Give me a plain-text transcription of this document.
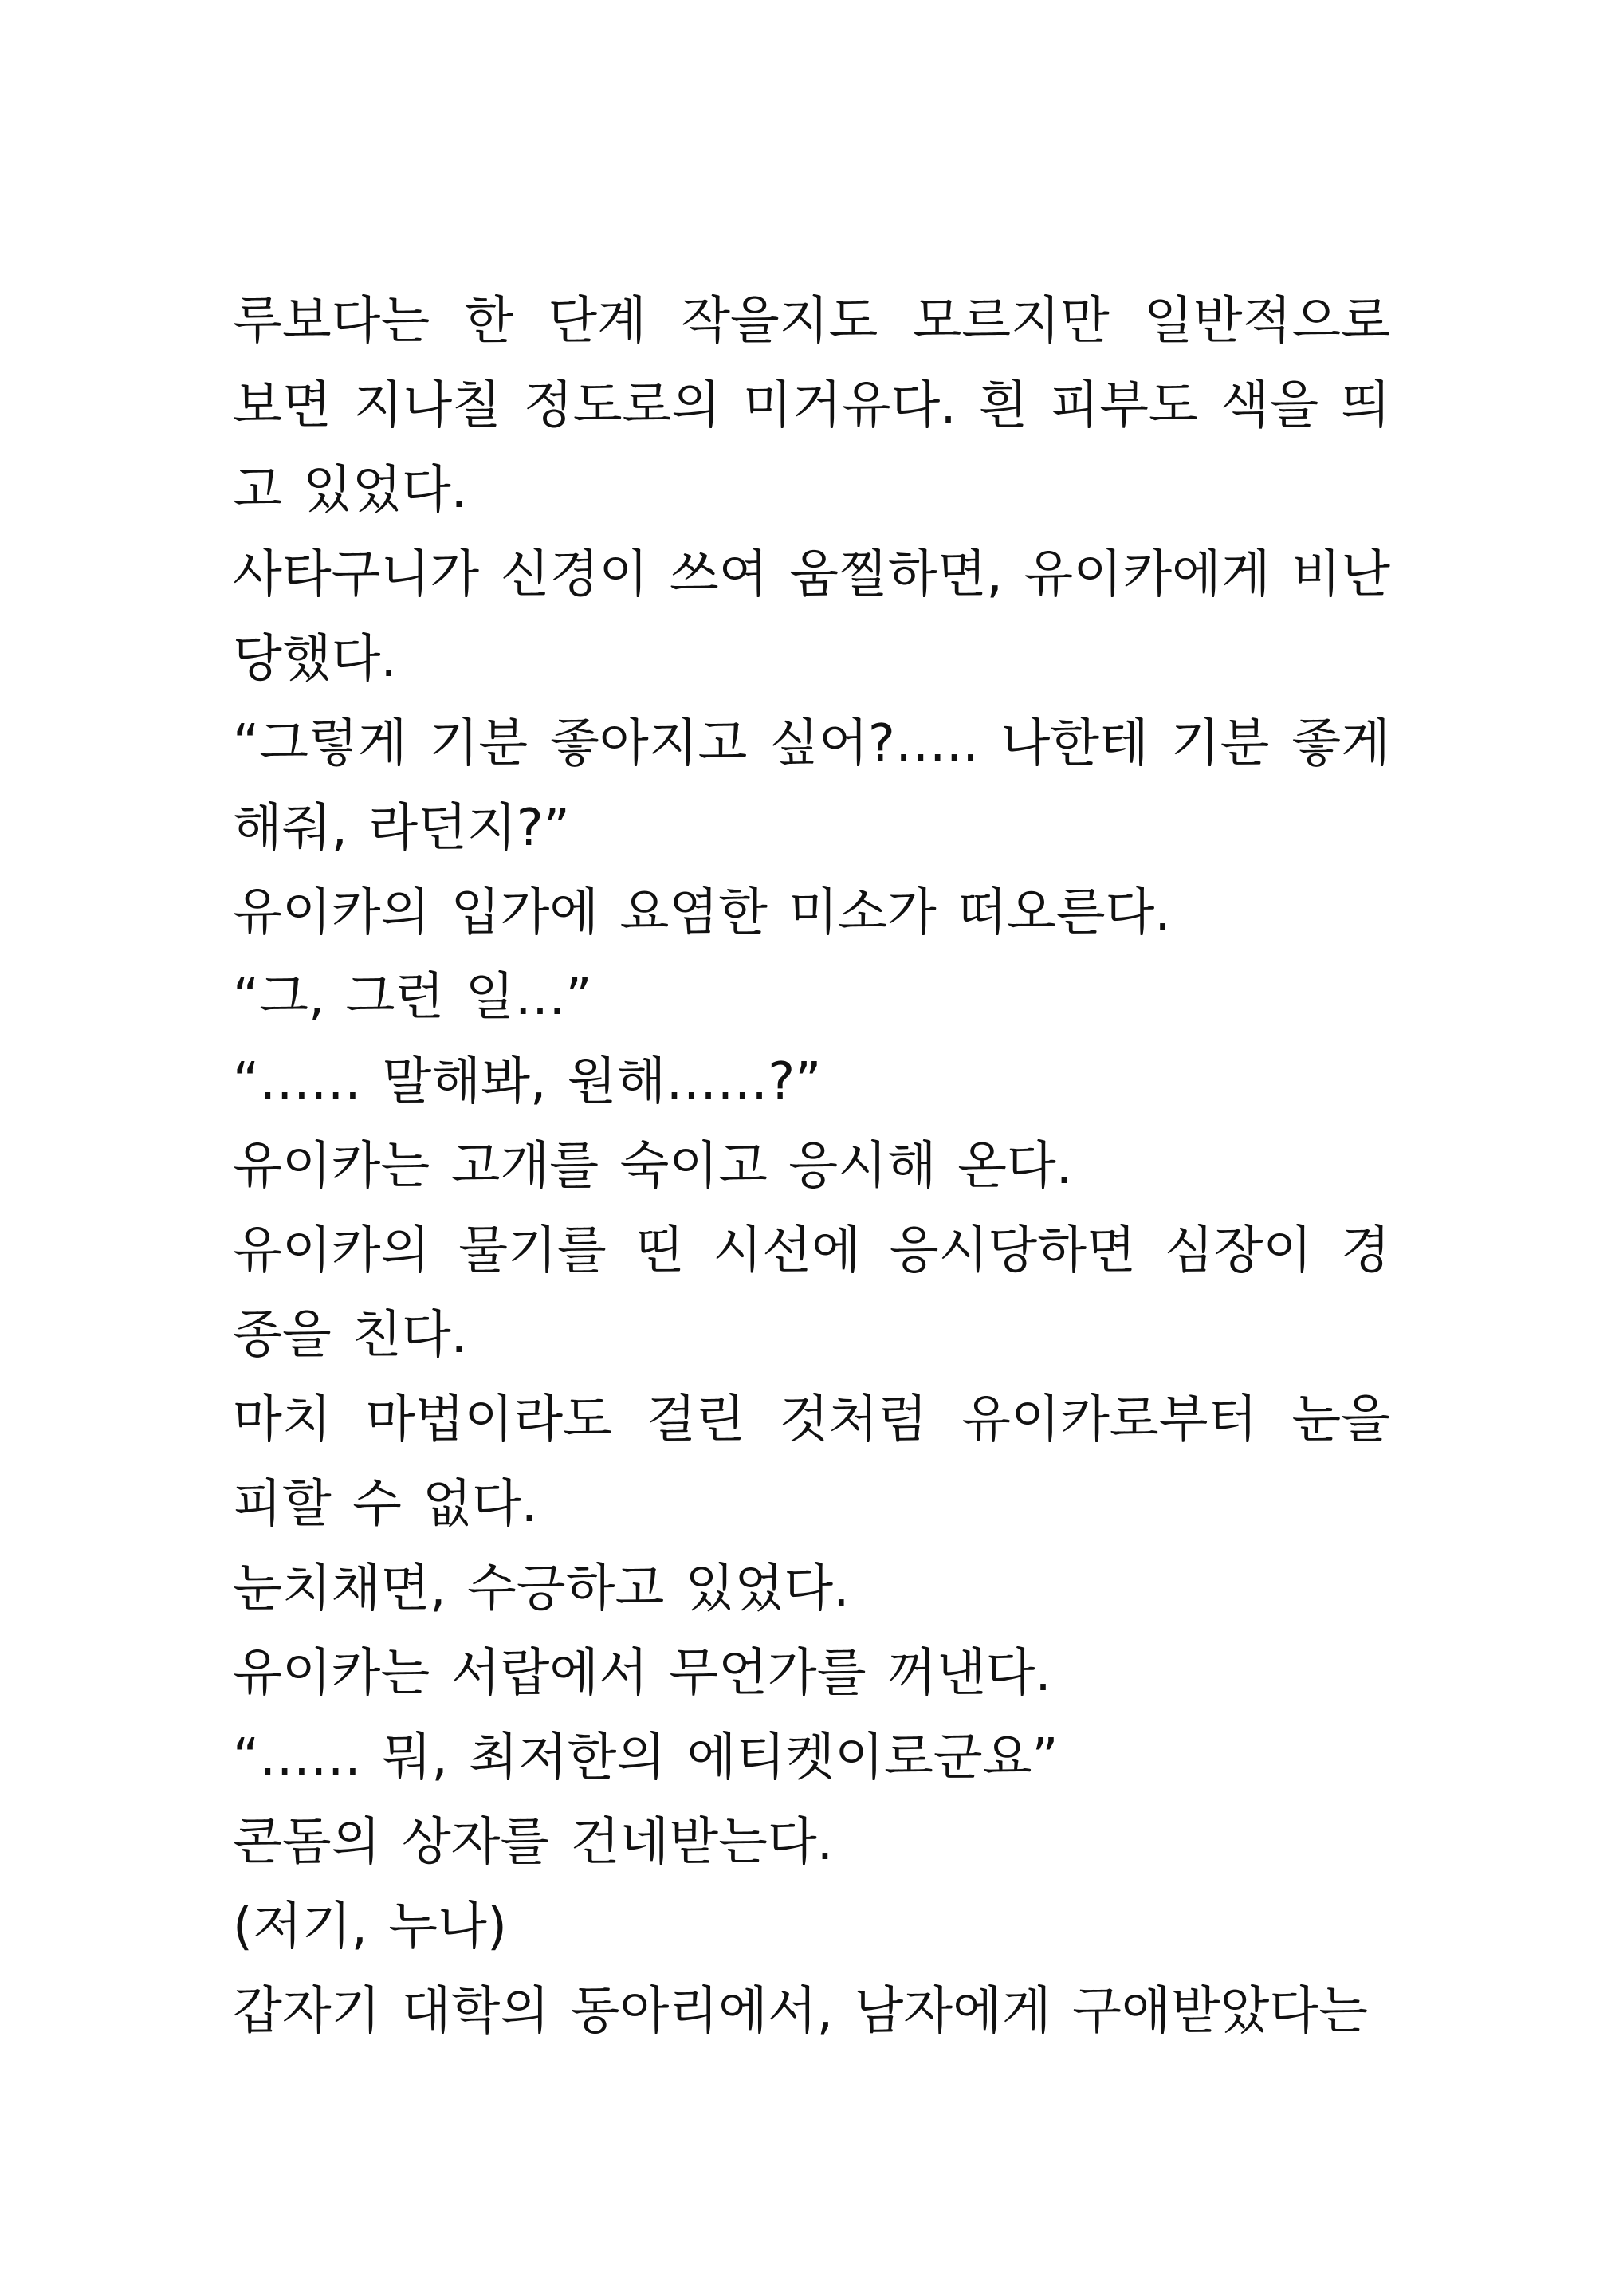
루보다는 한 단계 작을지도 모르지만 일반적으로 보면 지나칠 정도로의 미거유다. 흰 피부도 색을 띄고 있었다.

사타구니가 신경이 쓰여 움찔하면, 유이카에게 비난당했다.

“그렇게 기분 좋아지고 싶어?….. 나한테 기분 좋게 해줘, 라던지?”

유이카의 입가에 요염한 미소가 떠오른다.

“그, 그런 일…”

“…… 말해봐, 원해……?”

유이카는 고개를 숙이고 응시해 온다.

유이카의 물기를 띤 시선에 응시당하면 심장이 경종을 친다.

마치 마법이라도 걸린 것처럼 유이카로부터 눈을 피할 수 없다.

눈치채면, 수긍하고 있었다.

유이카는 서랍에서 무언가를 꺼낸다.

“…… 뭐, 최저한의 에티켓이로군요”

콘돔의 상자를 건네받는다.

(저기, 누나)

갑자기 대학의 동아리에서, 남자에게 구애받았다는
